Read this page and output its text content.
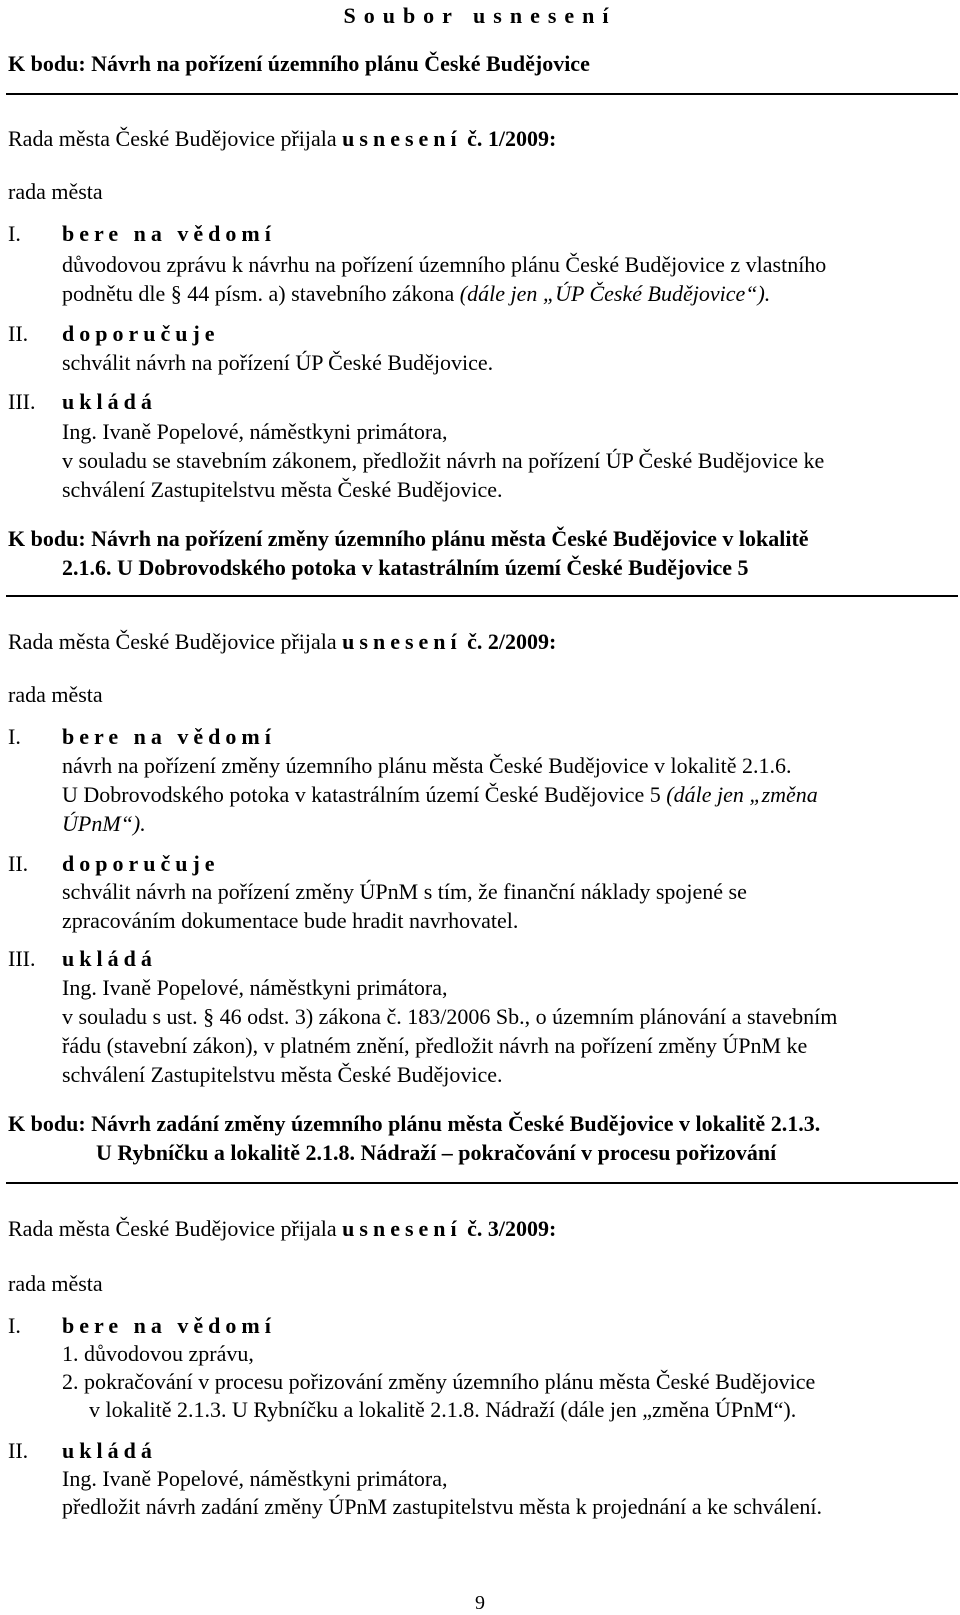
Soubor usnesení
K bodu: Návrh na pořízení územního plánu České Budějovice
Rada města České Budějovice přijala usnesení č. 1/2009:
rada města
I. bere na vědomí
důvodovou zprávu k návrhu na pořízení územního plánu České Budějovice z vlastního
podnětu dle § 44 písm. a) stavebního zákona (dále jen „ÚP České Budějovice“).
II. doporučuje
schválit návrh na pořízení ÚP České Budějovice.
III. ukládá
Ing. Ivaně Popelové, náměstkyni primátora,
v souladu se stavebním zákonem, předložit návrh na pořízení ÚP České Budějovice ke
schválení Zastupitelstvu města České Budějovice.
K bodu: Návrh na pořízení změny územního plánu města České Budějovice v lokalitě
2.1.6. U Dobrovodského potoka v katastrálním území České Budějovice 5
Rada města České Budějovice přijala usnesení č. 2/2009:
rada města
I. bere na vědomí
návrh na pořízení změny územního plánu města České Budějovice v lokalitě 2.1.6.
U Dobrovodského potoka v katastrálním území České Budějovice 5 (dále jen „změna
ÚPnM“).
II. doporučuje
schválit návrh na pořízení změny ÚPnM s tím, že finanční náklady spojené se
zpracováním dokumentace bude hradit navrhovatel.
III. ukládá
Ing. Ivaně Popelové, náměstkyni primátora,
v souladu s ust. § 46 odst. 3) zákona č. 183/2006 Sb., o územním plánování a stavebním
řádu (stavební zákon), v platném znění, předložit návrh na pořízení změny ÚPnM ke
schválení Zastupitelstvu města České Budějovice.
K bodu: Návrh zadání změny územního plánu města České Budějovice v lokalitě 2.1.3.
U Rybníčku a lokalitě 2.1.8. Nádraží – pokračování v procesu pořizování
Rada města České Budějovice přijala usnesení č. 3/2009:
rada města
I. bere na vědomí
1. důvodovou zprávu,
2. pokračování v procesu pořizování změny územního plánu města České Budějovice
v lokalitě 2.1.3. U Rybníčku a lokalitě 2.1.8. Nádraží (dále jen „změna ÚPnM“).
II. ukládá
Ing. Ivaně Popelové, náměstkyni primátora,
předložit návrh zadání změny ÚPnM zastupitelstvu města k projednání a ke schválení.
9
